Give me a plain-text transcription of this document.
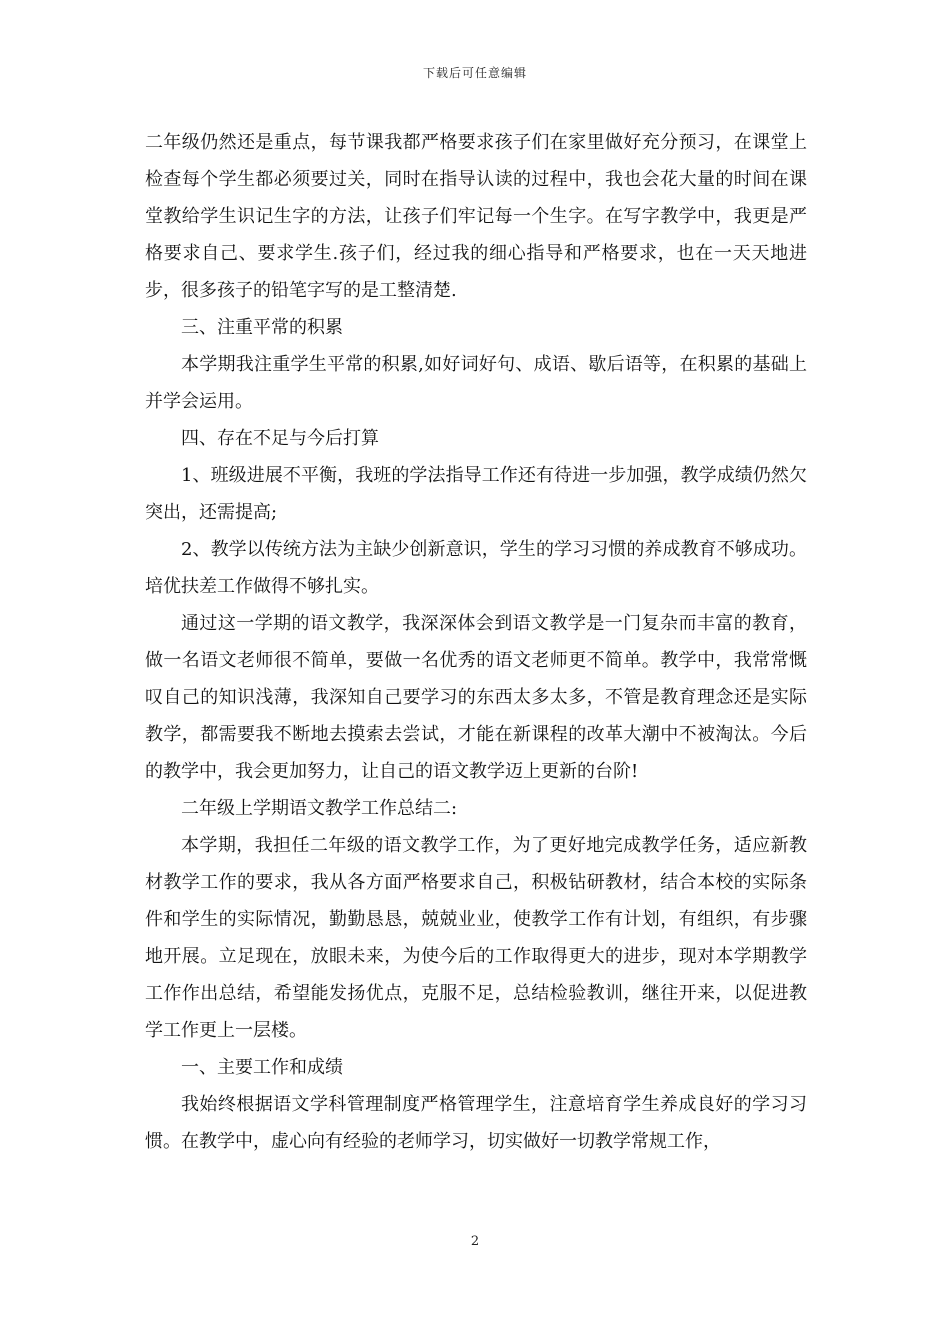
下载后可任意编辑

二年级仍然还是重点，每节课我都严格要求孩子们在家里做好充分预习，在课堂上检查每个学生都必须要过关，同时在指导认读的过程中，我也会花大量的时间在课堂教给学生识记生字的方法，让孩子们牢记每一个生字。在写字教学中，我更是严格要求自己、要求学生.孩子们，经过我的细心指导和严格要求，也在一天天地进步，很多孩子的铅笔字写的是工整清楚.

三、注重平常的积累

本学期我注重学生平常的积累,如好词好句、成语、歇后语等，在积累的基础上并学会运用。

四、存在不足与今后打算

1、班级进展不平衡，我班的学法指导工作还有待进一步加强，教学成绩仍然欠突出，还需提高;

2、教学以传统方法为主缺少创新意识，学生的学习习惯的养成教育不够成功。培优扶差工作做得不够扎实。

通过这一学期的语文教学，我深深体会到语文教学是一门复杂而丰富的教育，做一名语文老师很不简单，要做一名优秀的语文老师更不简单。教学中，我常常慨叹自己的知识浅薄，我深知自己要学习的东西太多太多，不管是教育理念还是实际教学，都需要我不断地去摸索去尝试，才能在新课程的改革大潮中不被淘汰。今后的教学中，我会更加努力，让自己的语文教学迈上更新的台阶!

二年级上学期语文教学工作总结二:

本学期，我担任二年级的语文教学工作，为了更好地完成教学任务，适应新教材教学工作的要求，我从各方面严格要求自己，积极钻研教材，结合本校的实际条件和学生的实际情况，勤勤恳恳，兢兢业业，使教学工作有计划，有组织，有步骤地开展。立足现在，放眼未来，为使今后的工作取得更大的进步，现对本学期教学工作作出总结，希望能发扬优点，克服不足，总结检验教训，继往开来，以促进教学工作更上一层楼。

一、主要工作和成绩

我始终根据语文学科管理制度严格管理学生，注意培育学生养成良好的学习习惯。在教学中，虚心向有经验的老师学习，切实做好一切教学常规工作，

2
